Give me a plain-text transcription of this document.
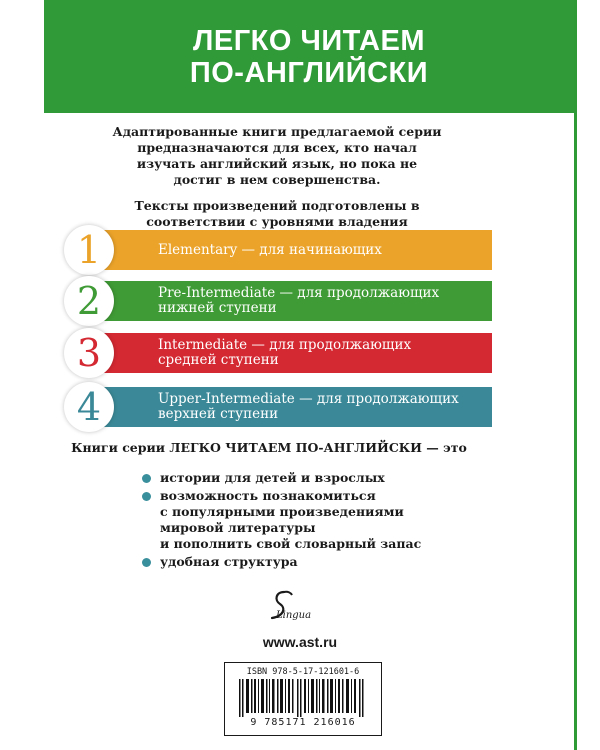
ЛЕГКО ЧИТАЕМ
ПО-АНГЛИЙСКИ

Адаптированные книги предлагаемой серии предназначаются для всех, кто начал изучать английский язык, но пока не достиг в нем совершенства.

Тексты произведений подготовлены в соответствии с уровнями владения

1	Elementary — для начинающих
2	Pre-Intermediate — для продолжающих
нижней ступени
3	Intermediate — для продолжающих
средней ступени
4	Upper-Intermediate — для продолжающих
верхней ступени
Книги серии ЛЕГКО ЧИТАЕМ ПО-АНГЛИЙСКИ — это
истории для детей и взрослых
возможность познакомиться
с популярными произведениями
мировой литературы
и пополнить свой словарный запас
удобная структура
Lingua
www.ast.ru
ISBN 978-5-17-121601-6
9 785171 216016
